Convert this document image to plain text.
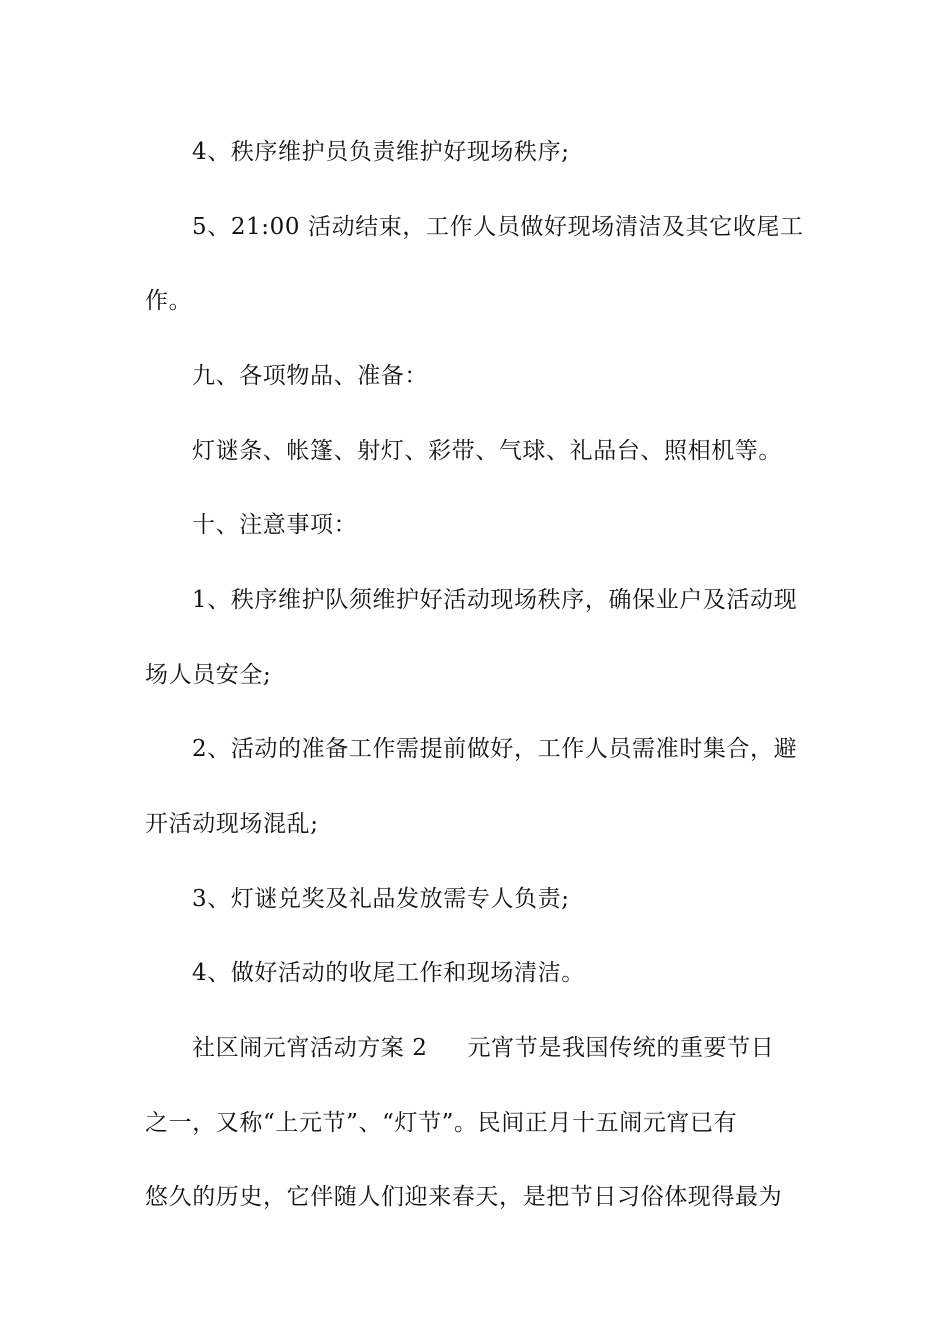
4、秩序维护员负责维护好现场秩序;
5、21:00 活动结束，工作人员做好现场清洁及其它收尾工
作。
九、各项物品、准备：
灯谜条、帐篷、射灯、彩带、气球、礼品台、照相机等。
十、注意事项：
1、秩序维护队须维护好活动现场秩序，确保业户及活动现
场人员安全;
2、活动的准备工作需提前做好，工作人员需准时集合，避
开活动现场混乱;
3、灯谜兑奖及礼品发放需专人负责;
4、做好活动的收尾工作和现场清洁。
社区闹元宵活动方案 2 元宵节是我国传统的重要节日
之一，又称“上元节”、“灯节”。民间正月十五闹元宵已有
悠久的历史，它伴随人们迎来春天，是把节日习俗体现得最为
